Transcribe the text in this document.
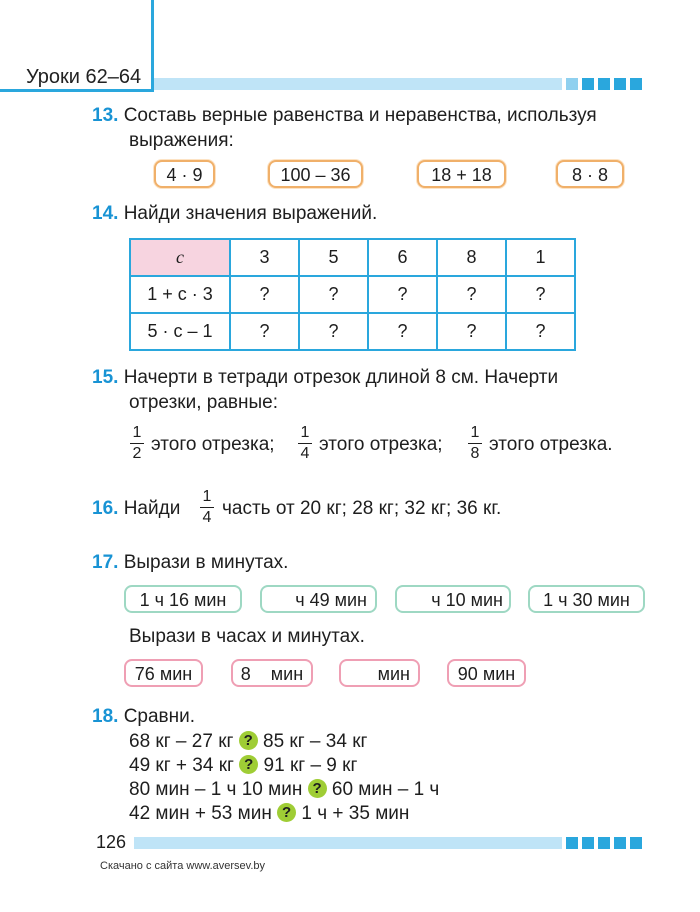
Уроки 62–64
13. Составь верные равенства и неравенства, используя
выражения:
4 · 9	100 – 36	18 + 18	8 · 8
14. Найди значения выражений.
c	3	5	6	8	1
1 + c · 3	?	?	?	?	?
5 · c – 1	?	?	?	?	?
15. Начерти в тетради отрезок длиной 8 см. Начерти
отрезки, равные:
1
2 этого отрезка;
1
4 этого отрезка;
1
8 этого отрезка.
16. Найди
1
4 часть от 20 кг; 28 кг; 32 кг; 36 кг.
17. Вырази в минутах.
1 ч 16 мин	ч 49 мин	ч 10 мин	1 ч 30 мин
Вырази в часах и минутах.
76 мин	8    мин	мин	90 мин
18. Сравни.
68 кг – 27 кг ? 85 кг – 34 кг
49 кг + 34 кг ? 91 кг – 9 кг
80 мин – 1 ч 10 мин ? 60 мин – 1 ч
42 мин + 53 мин ? 1 ч + 35 мин
126
Скачано с сайта www.aversev.by
